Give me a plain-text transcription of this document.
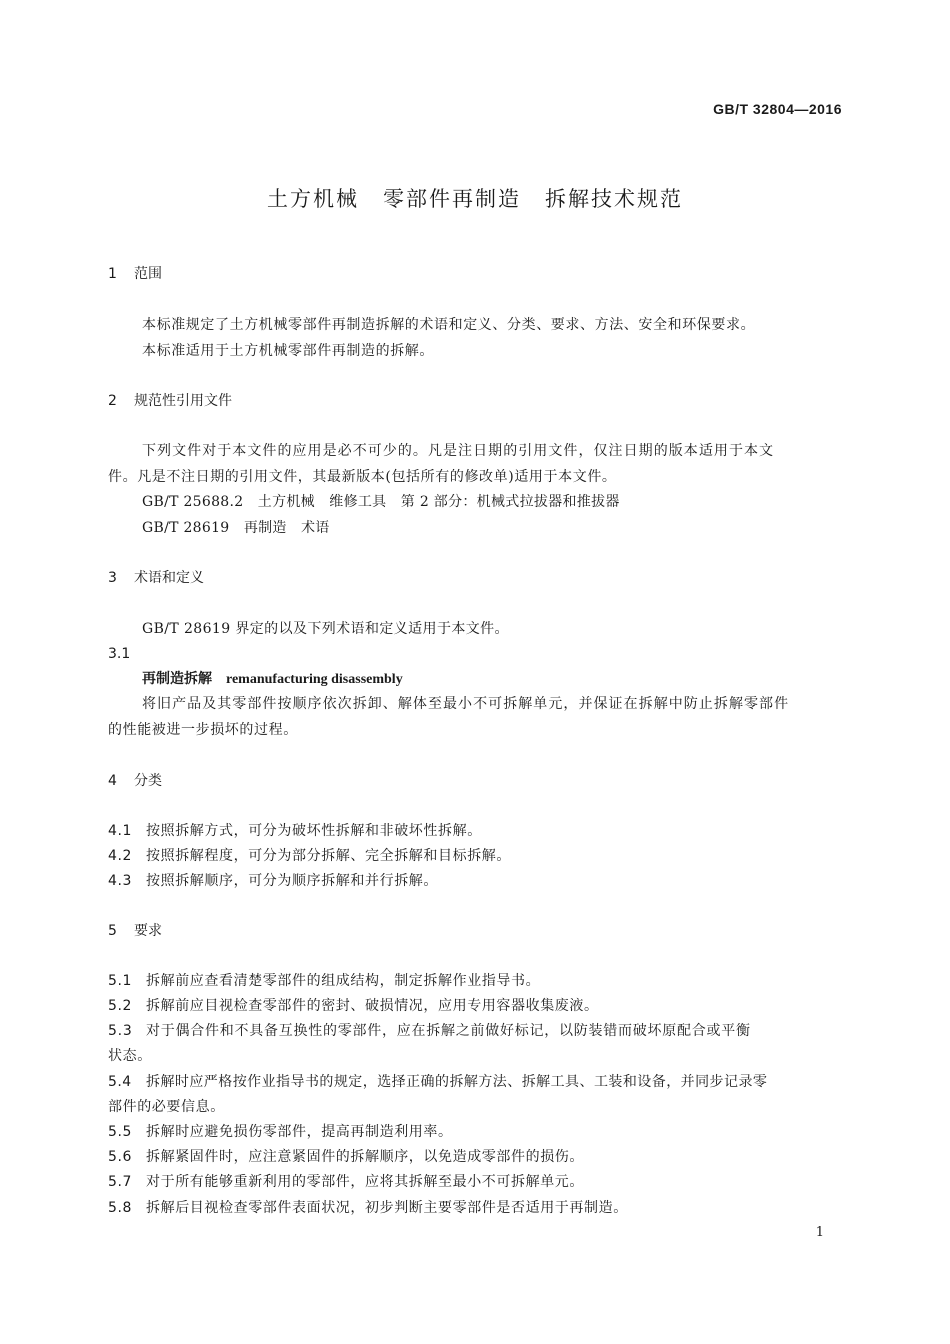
GB/T 32804—2016
土方机械 零部件再制造 拆解技术规范
1 范围
本标准规定了土方机械零部件再制造拆解的术语和定义、分类、要求、方法、安全和环保要求。
本标准适用于土方机械零部件再制造的拆解。
2 规范性引用文件
下列文件对于本文件的应用是必不可少的。凡是注日期的引用文件，仅注日期的版本适用于本文
件。凡是不注日期的引用文件，其最新版本(包括所有的修改单)适用于本文件。
GB/T 25688.2　土方机械　维修工具　第 2 部分：机械式拉拔器和推拔器
GB/T 28619　再制造　术语
3 术语和定义
GB/T 28619 界定的以及下列术语和定义适用于本文件。
3.1
再制造拆解 remanufacturing disassembly
将旧产品及其零部件按顺序依次拆卸、解体至最小不可拆解单元，并保证在拆解中防止拆解零部件
的性能被进一步损坏的过程。
4 分类
4.1 按照拆解方式，可分为破坏性拆解和非破坏性拆解。
4.2 按照拆解程度，可分为部分拆解、完全拆解和目标拆解。
4.3 按照拆解顺序，可分为顺序拆解和并行拆解。
5 要求
5.1 拆解前应查看清楚零部件的组成结构，制定拆解作业指导书。
5.2 拆解前应目视检查零部件的密封、破损情况，应用专用容器收集废液。
5.3 对于偶合件和不具备互换性的零部件，应在拆解之前做好标记，以防装错而破坏原配合或平衡
状态。
5.4 拆解时应严格按作业指导书的规定，选择正确的拆解方法、拆解工具、工装和设备，并同步记录零
部件的必要信息。
5.5 拆解时应避免损伤零部件，提高再制造利用率。
5.6 拆解紧固件时，应注意紧固件的拆解顺序，以免造成零部件的损伤。
5.7 对于所有能够重新利用的零部件，应将其拆解至最小不可拆解单元。
5.8 拆解后目视检查零部件表面状况，初步判断主要零部件是否适用于再制造。
1
